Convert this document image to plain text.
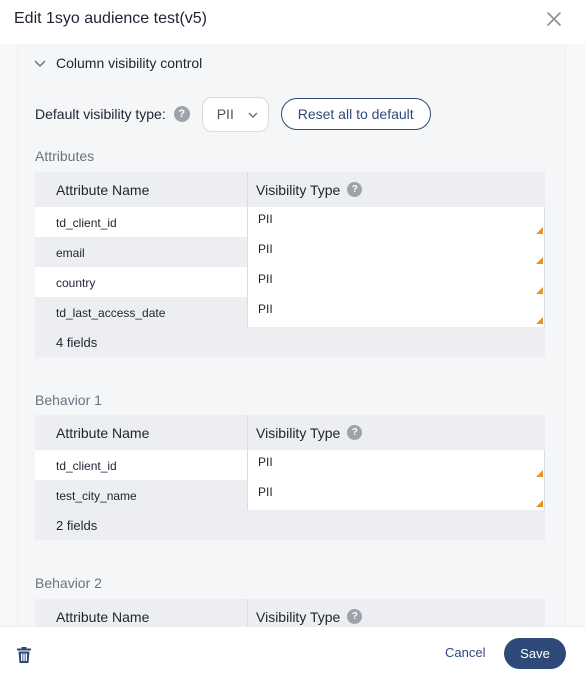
Edit 1syo audience test(v5)
Column visibility control
Default visibility type:	?	PII	Reset all to default
Attributes
Attribute Name	Visibility Type	?
td_client_id	PII
email	PII
country	PII
td_last_access_date	PII
4 fields
Behavior 1
Attribute Name	Visibility Type	?
td_client_id	PII
test_city_name	PII
2 fields
Behavior 2
Attribute Name	Visibility Type	?
Cancel	Save
